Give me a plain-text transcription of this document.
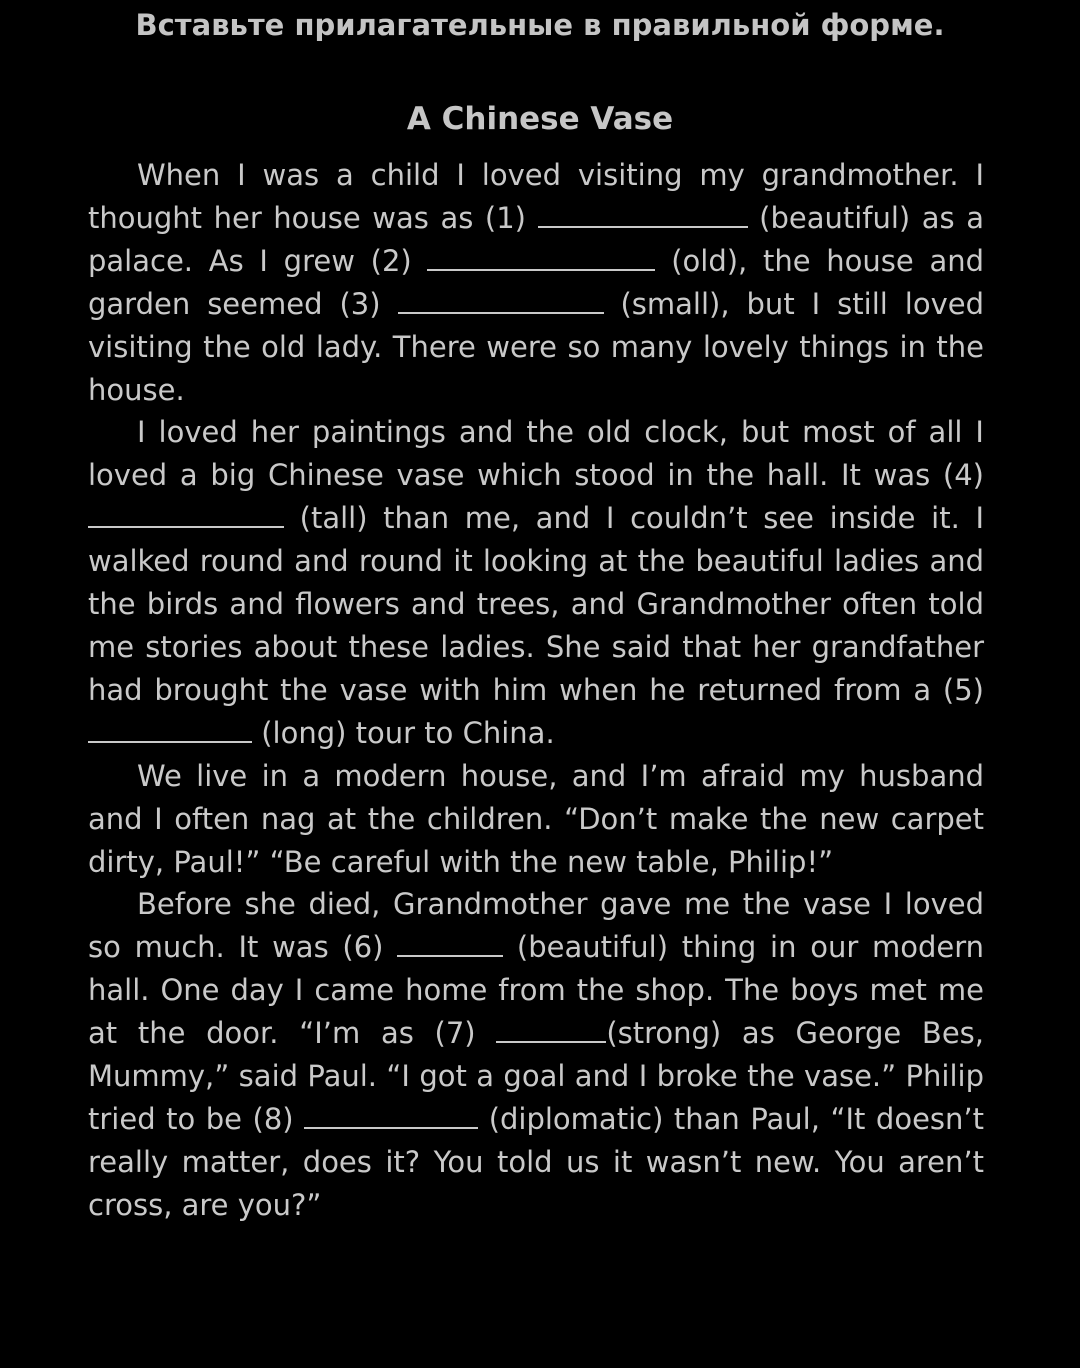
Вставьте прилагательные в правильной форме.
A Chinese Vase

When I was a child I loved visiting my grandmother. I thought her house was as (1)	(beautiful) as a palace. As I grew (2)	(old), the house and garden seemed (3)	(small), but I still loved visiting the old lady. There were so many lovely things in the house.

I loved her paintings and the old clock, but most of all I loved a big Chinese vase which stood in the hall. It was (4)  (tall) than me, and I couldn’t see inside it. I walked round and round it looking at the beautiful ladies and the birds and flowers and trees, and Grandmother often told me stories about these ladies. She said that her grandfather had brought the vase with him when he returned from a (5)  (long) tour to China.

We live in a modern house, and I’m afraid my husband and I often nag at the children. “Don’t make the new carpet dirty, Paul!” “Be careful with the new table, Philip!”

Before she died, Grandmother gave me the vase I loved so much. It was (6)	(beautiful) thing in our modern hall. One day I came home from the shop. The boys met me at the door. “I’m as (7)	(strong) as George Bes, Mummy,” said Paul. “I got a goal and I broke the vase.” Philip tried to be (8)	(diplomatic) than Paul, “It doesn’t really matter, does it? You told us it wasn’t new. You aren’t cross, are you?”
